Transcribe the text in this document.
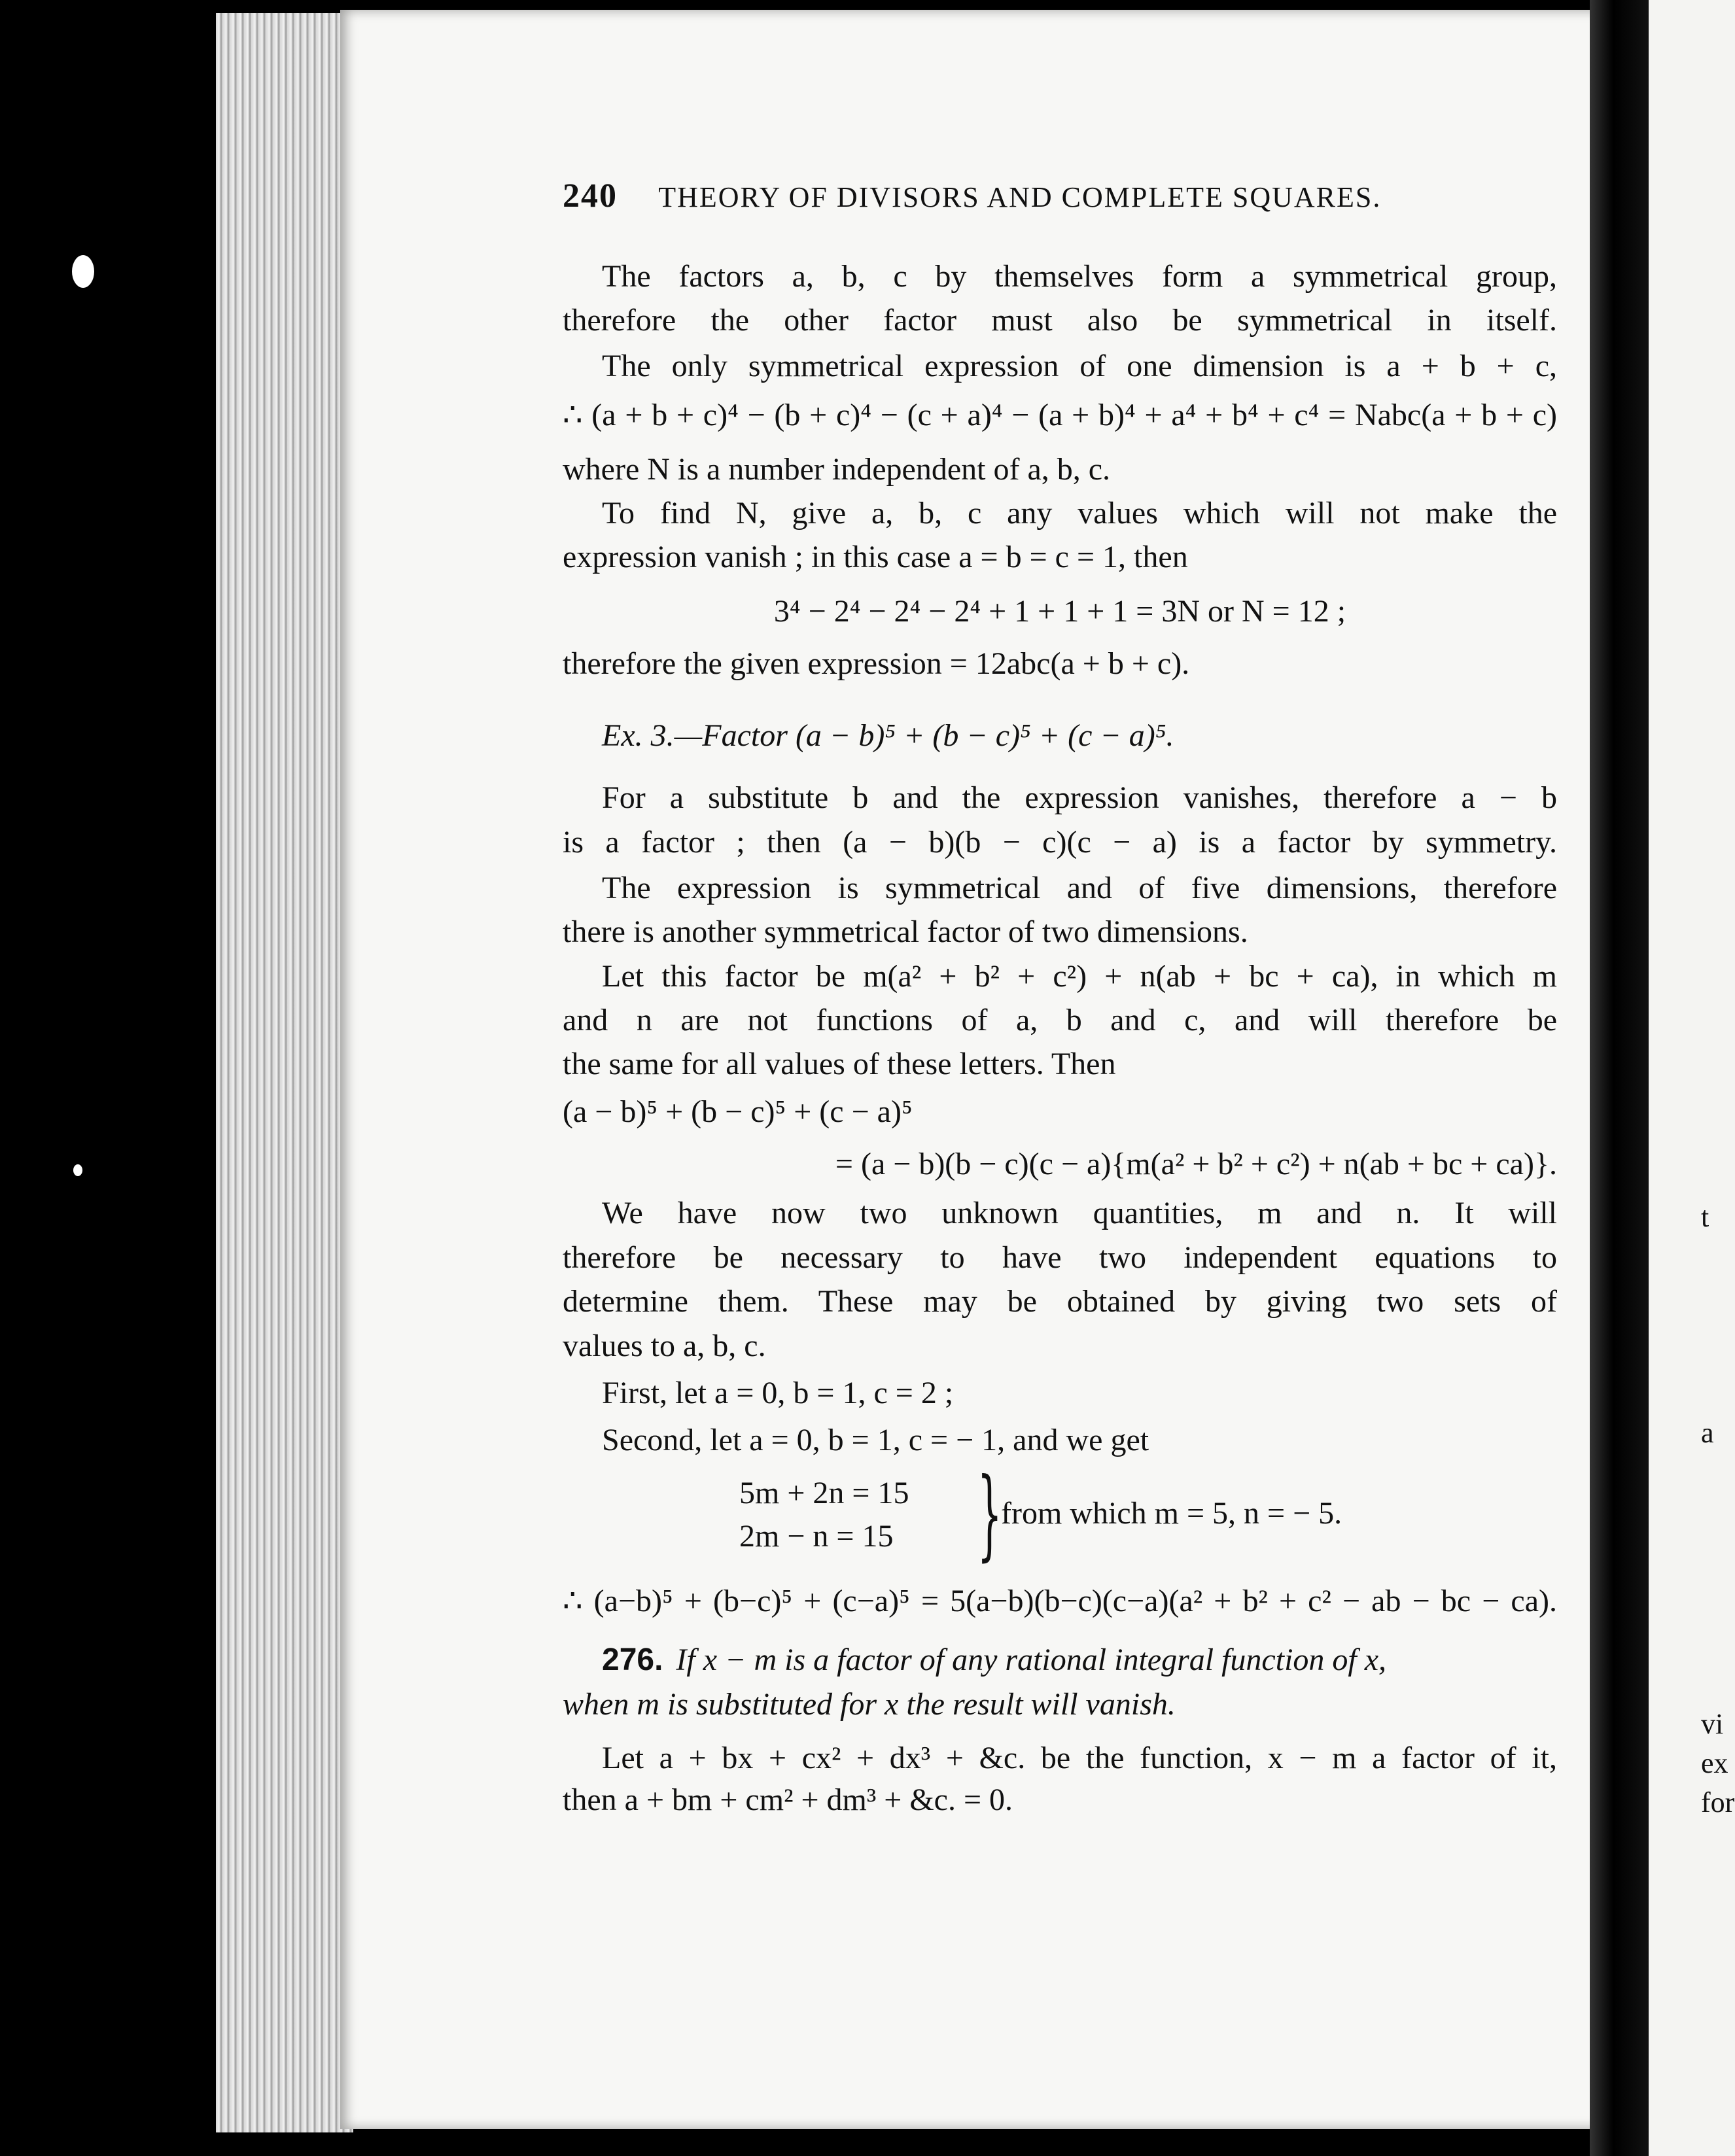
t
a
vi
ex
for
240 THEORY OF DIVISORS AND COMPLETE SQUARES.
The factors a, b, c by themselves form a symmetrical group,
therefore the other factor must also be symmetrical in itself.
The only symmetrical expression of one dimension is a + b + c,
∴ (a + b + c)⁴ − (b + c)⁴ − (c + a)⁴ − (a + b)⁴ + a⁴ + b⁴ + c⁴ = Nabc(a + b + c)
where N is a number independent of a, b, c.
To find N, give a, b, c any values which will not make the
expression vanish ; in this case a = b = c = 1, then
3⁴ − 2⁴ − 2⁴ − 2⁴ + 1 + 1 + 1 = 3N or N = 12 ;
therefore the given expression = 12abc(a + b + c).
Ex. 3.—Factor (a − b)⁵ + (b − c)⁵ + (c − a)⁵.
For a substitute b and the expression vanishes, therefore a − b
is a factor ; then (a − b)(b − c)(c − a) is a factor by symmetry.
The expression is symmetrical and of five dimensions, therefore
there is another symmetrical factor of two dimensions.
Let this factor be m(a² + b² + c²) + n(ab + bc + ca), in which m
and n are not functions of a, b and c, and will therefore be
the same for all values of these letters. Then
(a − b)⁵ + (b − c)⁵ + (c − a)⁵
= (a − b)(b − c)(c − a){m(a² + b² + c²) + n(ab + bc + ca)}.
We have now two unknown quantities, m and n. It will
therefore be necessary to have two independent equations to
determine them. These may be obtained by giving two sets of
values to a, b, c.
First, let a = 0, b = 1, c = 2 ;
Second, let a = 0, b = 1, c = − 1, and we get
5m + 2n = 15
2m − n = 15 }
from which m = 5, n = − 5.
∴ (a−b)⁵ + (b−c)⁵ + (c−a)⁵ = 5(a−b)(b−c)(c−a)(a² + b² + c² − ab − bc − ca).
276. If x − m is a factor of any rational integral function of x,
when m is substituted for x the result will vanish.
Let a + bx + cx² + dx³ + &c. be the function, x − m a factor of it,
then a + bm + cm² + dm³ + &c. = 0.
